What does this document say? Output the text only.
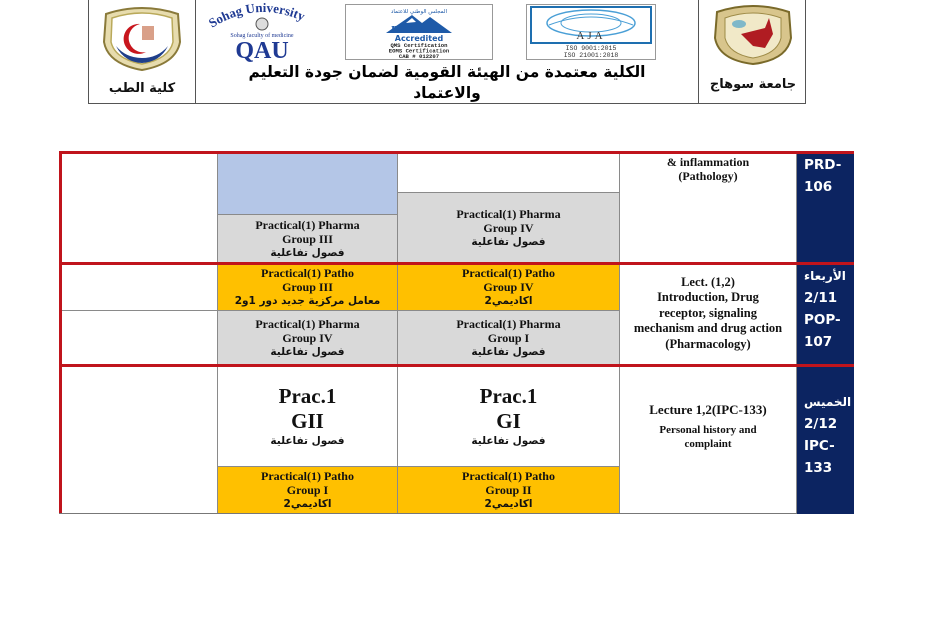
كلية الطب
Sohag University
Sohag faculty of medicine
QAU
المجلس الوطني للاعتماد
EGAC
Accredited
QMS Certification
EOMS Certification
CAB # 012207
AJA
ISO 9001:2015
ISO 21001:2018
الكلية معتمدة من الهيئة القومية لضمان جودة التعليم
والاعتماد	جامعة سوهاج
Practical(1) Pharma
Group III
فصول تفاعلية
Practical(1) Pharma
Group IV
فصول تفاعلية
& inflammation
(Pathology)
PRD-
106
Practical(1) Patho
Group III
معامل مركزية جديد دور 1و2
Practical(1) Pharma
Group IV
فصول تفاعلية
Practical(1) Patho
Group IV
اكاديمي2
Practical(1) Pharma
Group I
فصول تفاعلية
Lect. (1,2)
Introduction, Drug
receptor, signaling
mechanism and drug action
(Pharmacology)
الأربعاء
2/11
POP-
107
Prac.1
GII
فصول تفاعلية
Practical(1) Patho
Group I
اكاديمي2
Prac.1
GI
فصول تفاعلية
Practical(1) Patho
Group II
اكاديمي2
Lecture 1,2(IPC-133)
Personal history and
complaint
الخميس
2/12
IPC-
133
